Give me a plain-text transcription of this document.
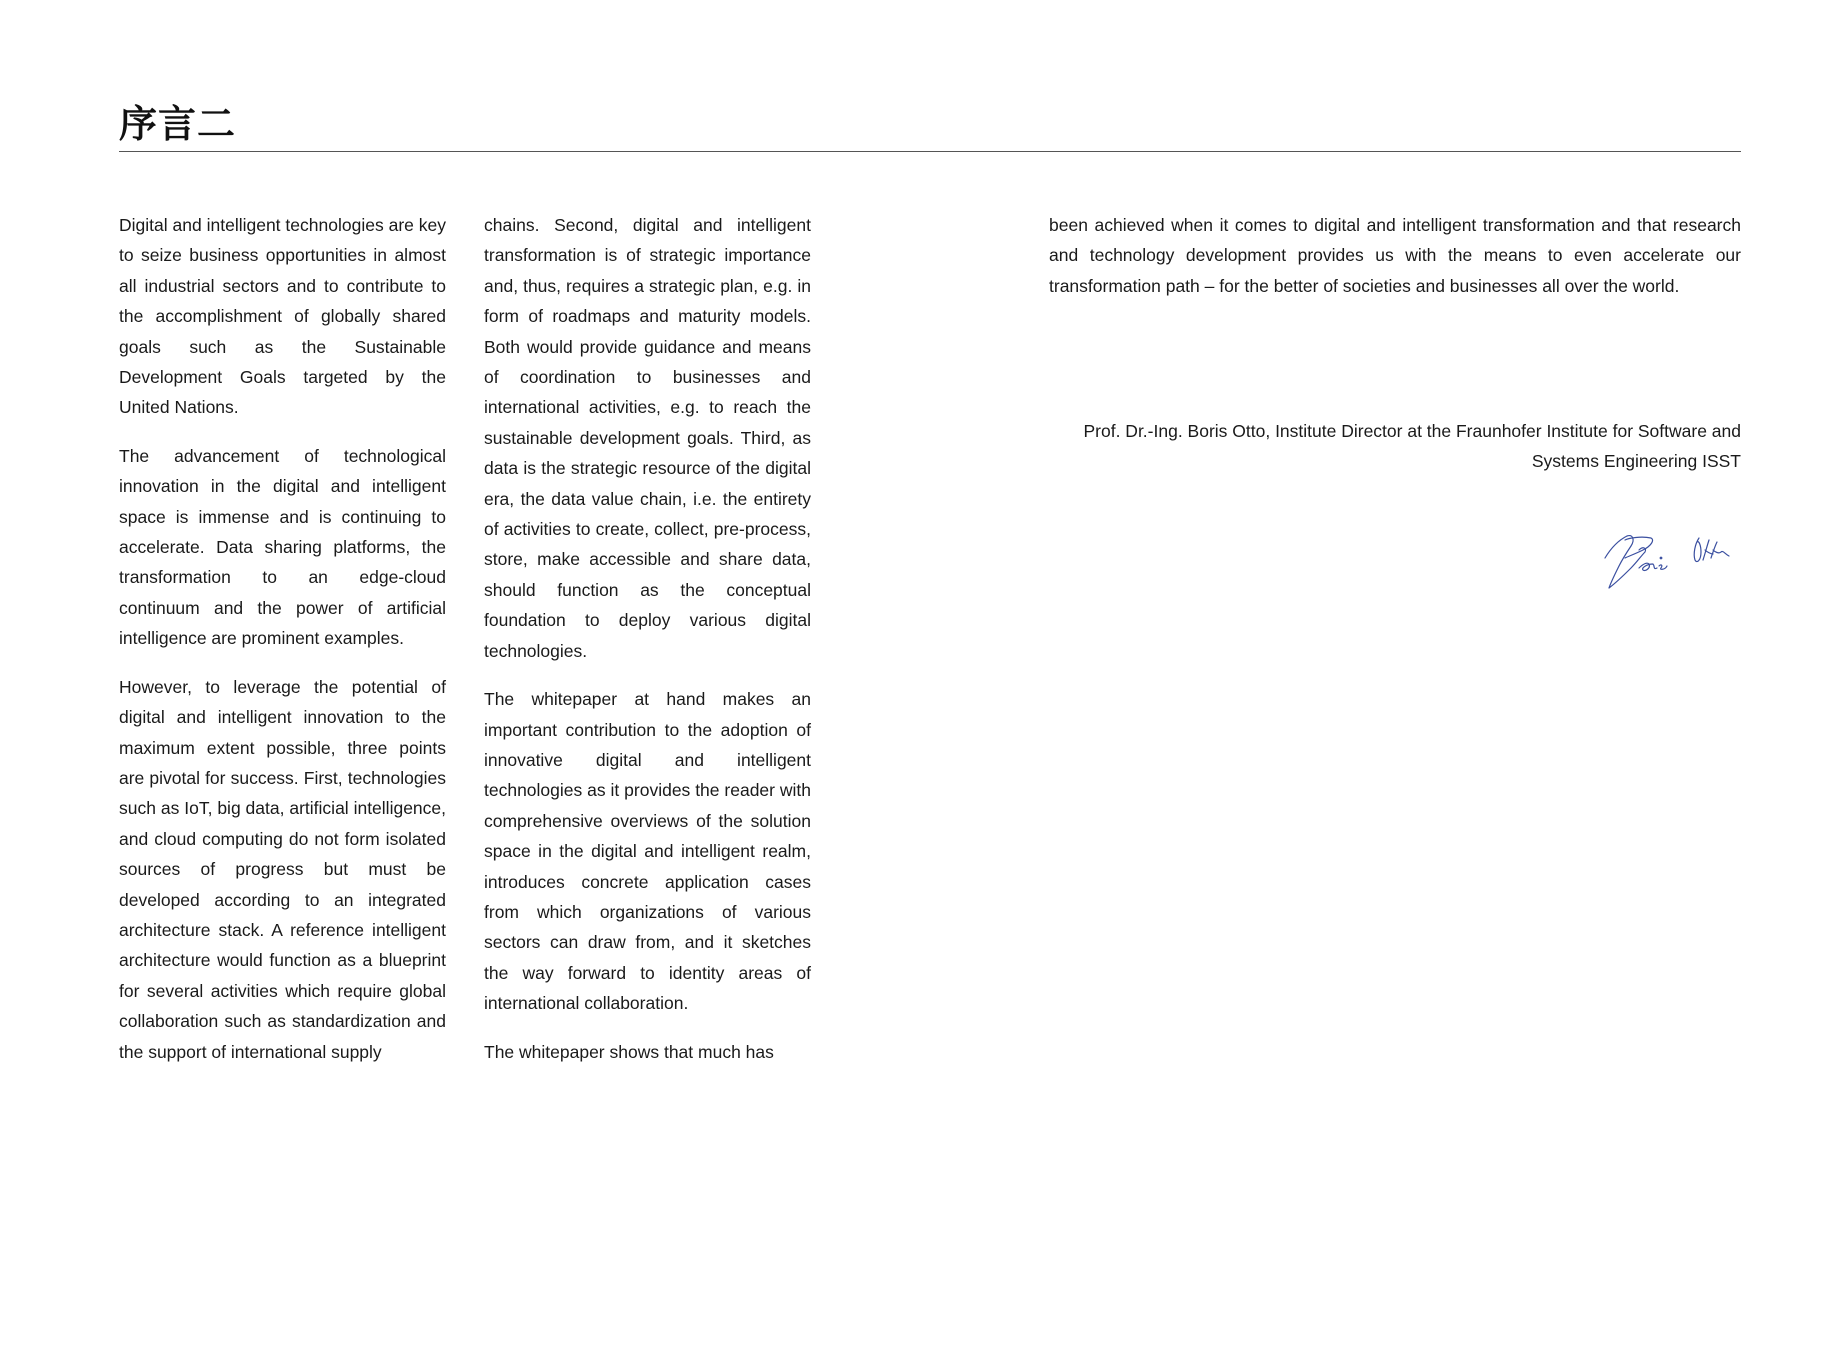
序言二

Digital and intelligent technologies are key to seize business opportunities in almost all industrial sectors and to contribute to the accomplishment of globally shared goals such as the Sustainable Development Goals targeted by the United Nations.

The advancement of technological innovation in the digital and intelligent space is immense and is continuing to accelerate. Data sharing platforms, the transformation to an edge-cloud continuum and the power of artificial intelligence are prominent examples.

However, to leverage the potential of digital and intelligent innovation to the maximum extent possible, three points are pivotal for success. First, technologies such as IoT, big data, artificial intelligence, and cloud computing do not form isolated sources of progress but must be developed according to an integrated architecture stack. A reference intelligent architecture would function as a blueprint for several activities which require global collaboration such as standardization and the support of international supply

chains. Second, digital and intelligent transformation is of strategic importance and, thus, requires a strategic plan, e.g. in form of roadmaps and maturity models. Both would provide guidance and means of coordination to businesses and international activities, e.g. to reach the sustainable development goals. Third, as data is the strategic resource of the digital era, the data value chain, i.e. the entirety of activities to create, collect, pre-process, store, make accessible and share data, should function as the conceptual foundation to deploy various digital technologies.

The whitepaper at hand makes an important contribution to the adoption of innovative digital and intelligent technologies as it provides the reader with comprehensive overviews of the solution space in the digital and intelligent realm, introduces concrete application cases from which organizations of various sectors can draw from, and it sketches the way forward to identity areas of international collaboration.

The whitepaper shows that much has

been achieved when it comes to digital and intelligent transformation and that research and technology development provides us with the means to even accelerate our transformation path – for the better of societies and businesses all over the world.

Prof. Dr.-Ing. Boris Otto, Institute Director at the Fraunhofer Institute for Software and Systems Engineering ISST
